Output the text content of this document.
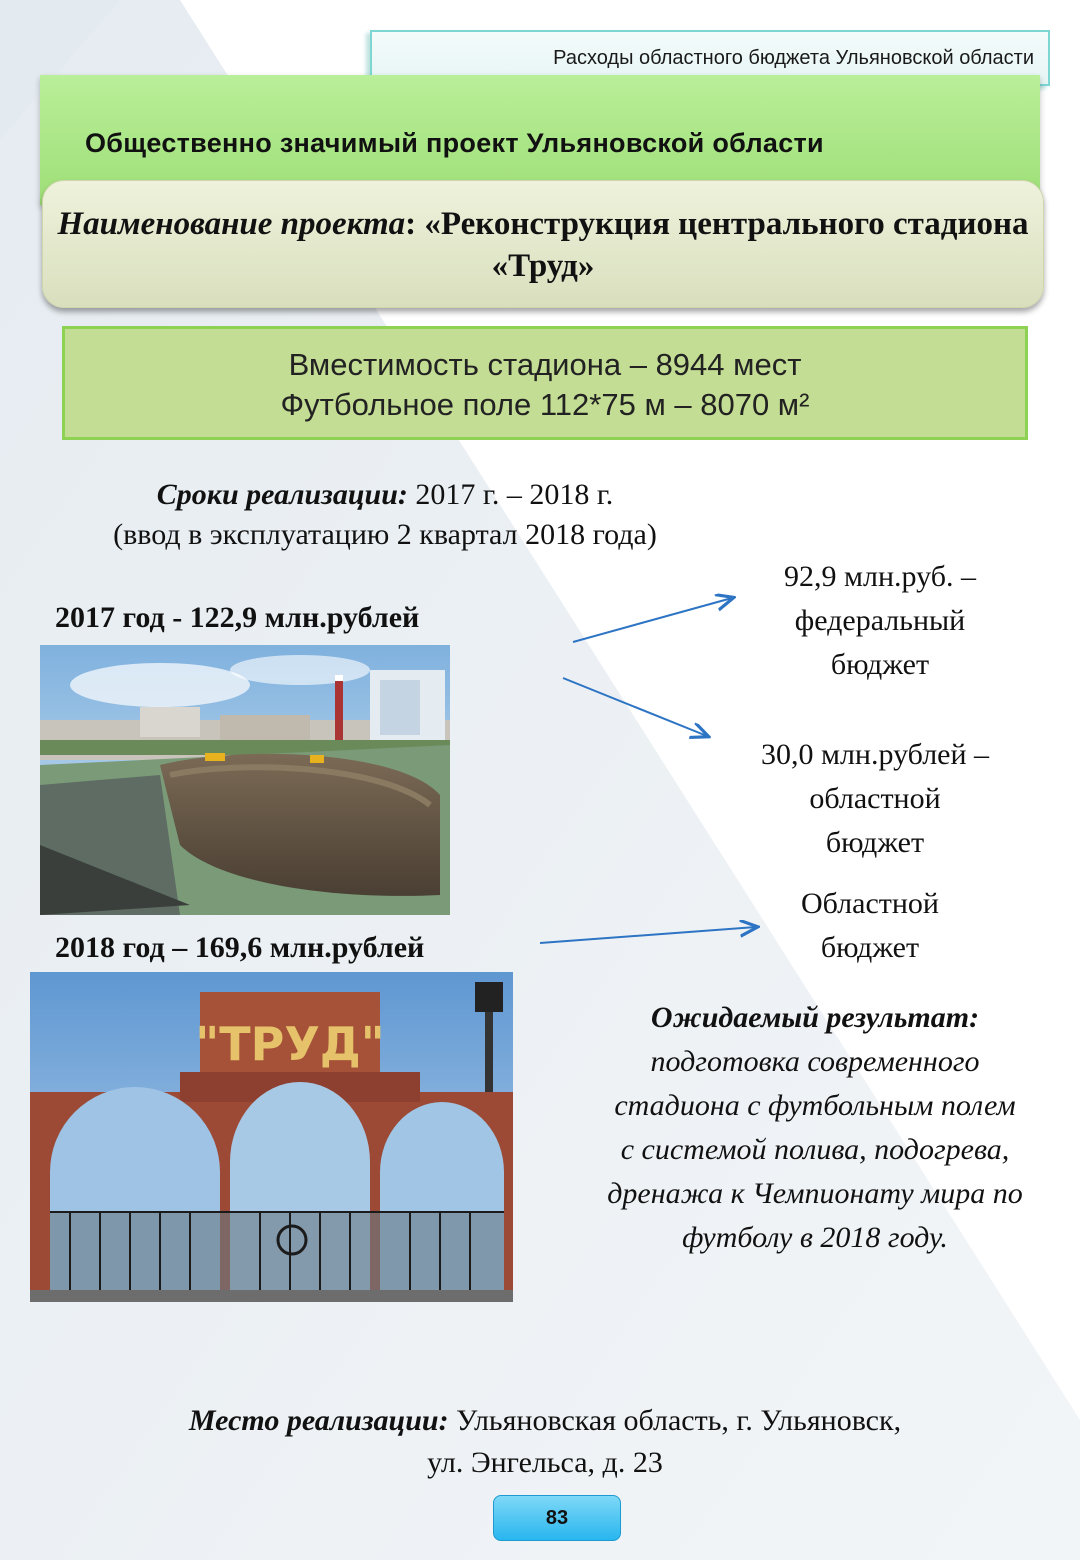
Расходы областного бюджета Ульяновской области
Общественно значимый проект Ульяновской области
Наименование проекта: «Реконструкция центрального стадиона «Труд»
Вместимость стадиона – 8944 мест
Футбольное поле 112*75 м – 8070 м²
Сроки реализации: 2017 г. – 2018 г.
(ввод в эксплуатацию 2 квартал 2018 года)
2017 год - 122,9 млн.рублей
92,9 млн.руб. –
федеральный
бюджет
30,0 млн.рублей –
областной
бюджет
2018 год – 169,6 млн.рублей
Областной
бюджет
"ТРУД"	Ожидаемый результат:
подготовка современного
стадиона с футбольным полем
с системой полива, подогрева,
дренажа к Чемпионату мира по
футболу в 2018 году.
Место реализации: Ульяновская область, г. Ульяновск,
ул. Энгельса, д. 23
83
